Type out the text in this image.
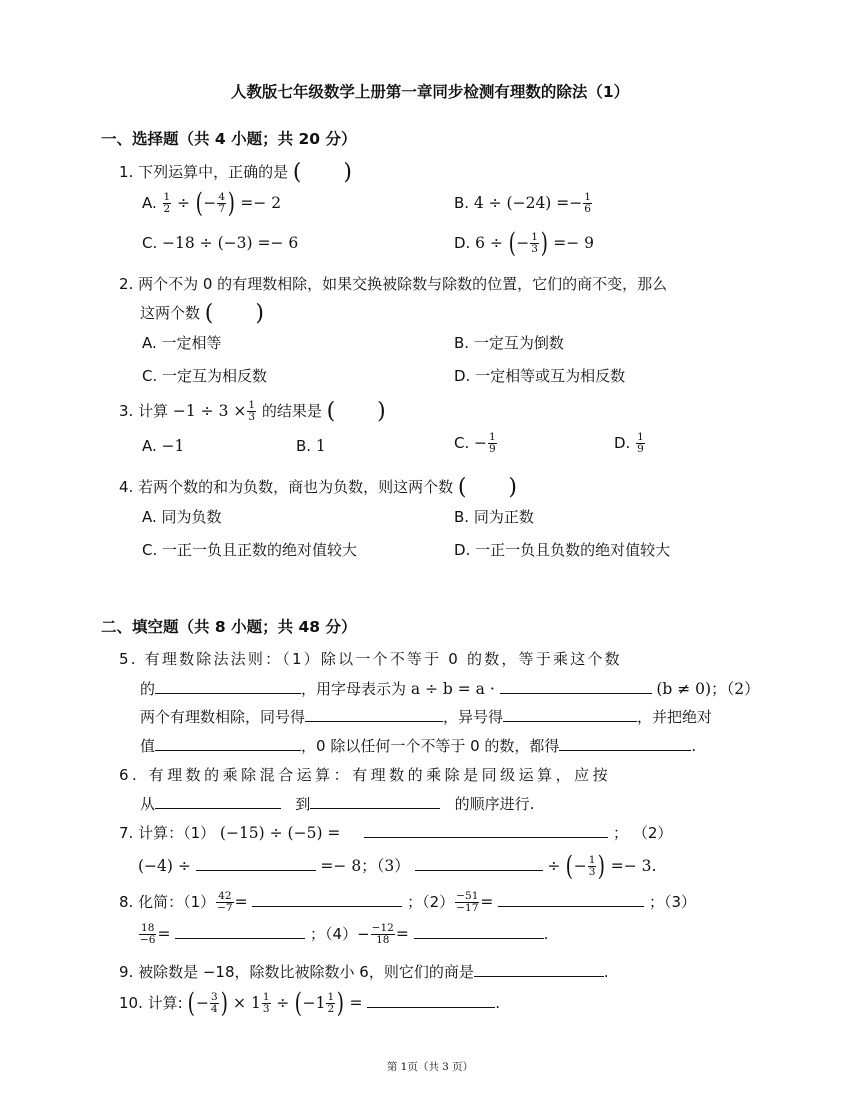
人教版七年级数学上册第一章同步检测有理数的除法（1）
一、选择题（共 4 小题；共 20 分）
1. 下列运算中，正确的是 (      )
A. $\frac{1}{2}$ ÷ (− $\frac{4}{7}$ ) =− 2	B. $4 \div (-24) =- \frac{1}{6}$
C. −18 ÷ (−3) =− 6	D. 6 ÷ (− $\frac{1}{3}$ ) =− 9
2. 两个不为 0 的有理数相除，如果交换被除数与除数的位置，它们的商不变，那么
这两个数 (      )
A. 一定相等	B. 一定互为倒数
C. 一定互为相反数	D. 一定相等或互为相反数
3. 计算 $-1 \div 3 \times \frac{1}{3}$ 的结果是 (      )
A. −1	B. 1	C. − $\frac{1}{9}$	D. $\frac{1}{9}$
4. 若两个数的和为负数，商也为负数，则这两个数 (      )
A. 同为负数	B. 同为正数
C. 一正一负且正数的绝对值较大	D. 一正一负且负数的绝对值较大
二、填空题（共 8 小题；共 48 分）
5. 有理数除法法则：（1）除以一个不等于 0 的数，等于乘这个数
的	，用字母表示为 a ÷ b = a ·	(b ≠ 0)；（2）
两个有理数相除，同号得	，异号得	，并把绝对
值	，0 除以任何一个不等于 0 的数，都得	.
6. 有理数的乘除混合运算：有理数的乘除是同级运算，应按
从	到	的顺序进行.
7. 计算：（1） (−15) ÷ (−5) =	； （2）
(−4) ÷	=− 8；（3）	÷ (− $\frac{1}{3}$ ) =− 3.
8. 化简：$(1) \frac{42}{-7}$ =	；$(2) \frac{-51}{-17}$ =	；（3）
$\frac{18}{-6}$ =	；$(4)- \frac{-12}{18}$ =	.
9. 被除数是 −18，除数比被除数小 6，则它们的商是	.
10. 计算: (− $\frac{3}{4}$ ) × $1 \frac{1}{3} \div (-1 \frac{1}{2}$ ) =	.
第 1页（共 3 页）
